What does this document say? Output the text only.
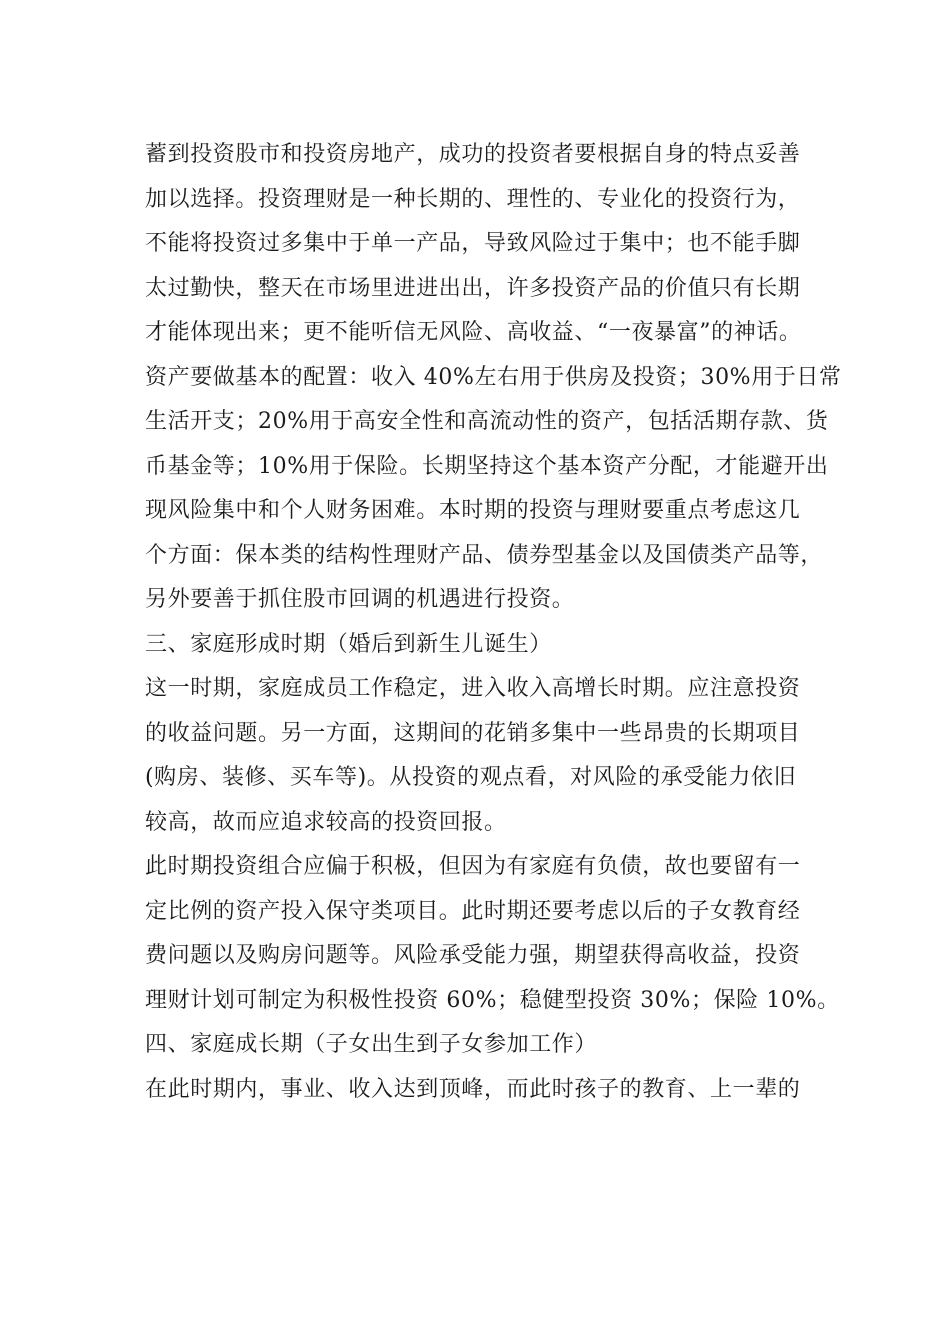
蓄到投资股市和投资房地产，成功的投资者要根据自身的特点妥善
加以选择。投资理财是一种长期的、理性的、专业化的投资行为，
不能将投资过多集中于单一产品，导致风险过于集中；也不能手脚
太过勤快，整天在市场里进进出出，许多投资产品的价值只有长期
才能体现出来；更不能听信无风险、高收益、“一夜暴富”的神话。
资产要做基本的配置：收入 40%左右用于供房及投资；30%用于日常
生活开支；20%用于高安全性和高流动性的资产，包括活期存款、货
币基金等；10%用于保险。长期坚持这个基本资产分配，才能避开出
现风险集中和个人财务困难。本时期的投资与理财要重点考虑这几
个方面：保本类的结构性理财产品、债券型基金以及国债类产品等，
另外要善于抓住股市回调的机遇进行投资。
三、家庭形成时期（婚后到新生儿诞生）
这一时期，家庭成员工作稳定，进入收入高增长时期。应注意投资
的收益问题。另一方面，这期间的花销多集中一些昂贵的长期项目
(购房、装修、买车等)。从投资的观点看，对风险的承受能力依旧
较高，故而应追求较高的投资回报。
此时期投资组合应偏于积极，但因为有家庭有负债，故也要留有一
定比例的资产投入保守类项目。此时期还要考虑以后的子女教育经
费问题以及购房问题等。风险承受能力强，期望获得高收益，投资
理财计划可制定为积极性投资 60%；稳健型投资 30%；保险 10%。
四、家庭成长期（子女出生到子女参加工作）
在此时期内，事业、收入达到顶峰，而此时孩子的教育、上一辈的
